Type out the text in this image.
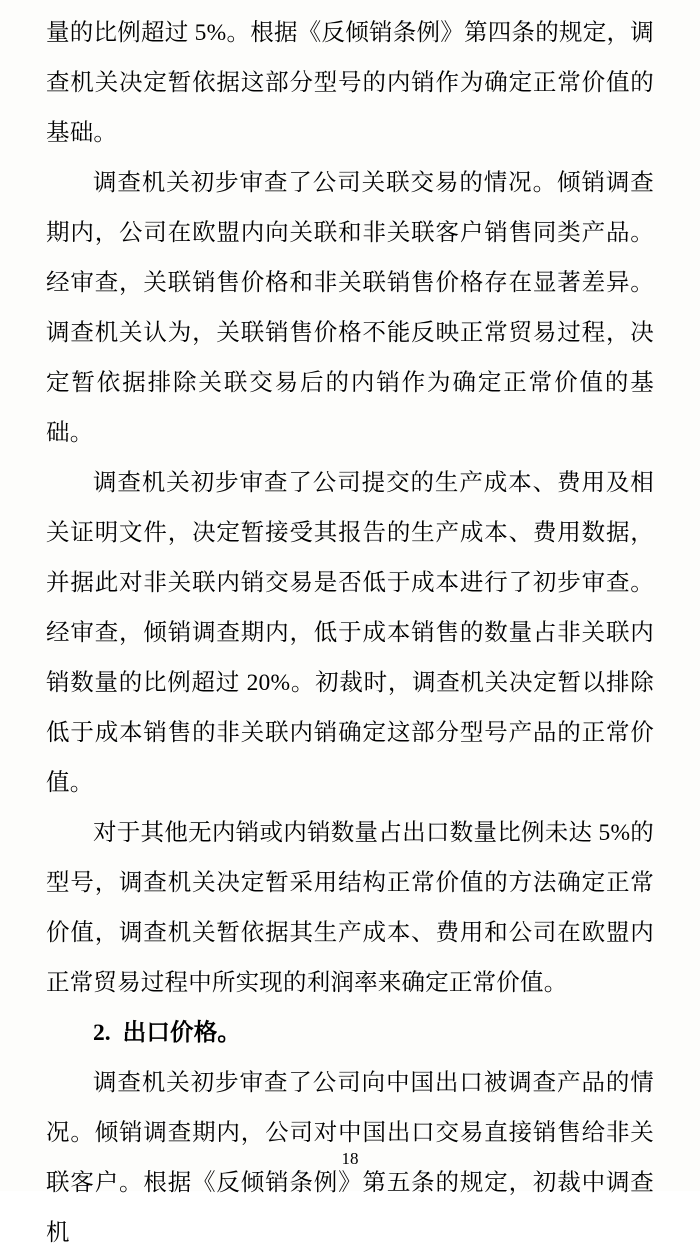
量的比例超过 5%。根据《反倾销条例》第四条的规定，调查机关决定暂依据这部分型号的内销作为确定正常价值的基础。

调查机关初步审查了公司关联交易的情况。倾销调查期内，公司在欧盟内向关联和非关联客户销售同类产品。经审查，关联销售价格和非关联销售价格存在显著差异。调查机关认为，关联销售价格不能反映正常贸易过程，决定暂依据排除关联交易后的内销作为确定正常价值的基础。

调查机关初步审查了公司提交的生产成本、费用及相关证明文件，决定暂接受其报告的生产成本、费用数据，并据此对非关联内销交易是否低于成本进行了初步审查。经审查，倾销调查期内，低于成本销售的数量占非关联内销数量的比例超过 20%。初裁时，调查机关决定暂以排除低于成本销售的非关联内销确定这部分型号产品的正常价值。

对于其他无内销或内销数量占出口数量比例未达 5%的型号，调查机关决定暂采用结构正常价值的方法确定正常价值，调查机关暂依据其生产成本、费用和公司在欧盟内正常贸易过程中所实现的利润率来确定正常价值。

2. 出口价格。

调查机关初步审查了公司向中国出口被调查产品的情况。倾销调查期内，公司对中国出口交易直接销售给非关联客户。根据《反倾销条例》第五条的规定，初裁中调查机

18
